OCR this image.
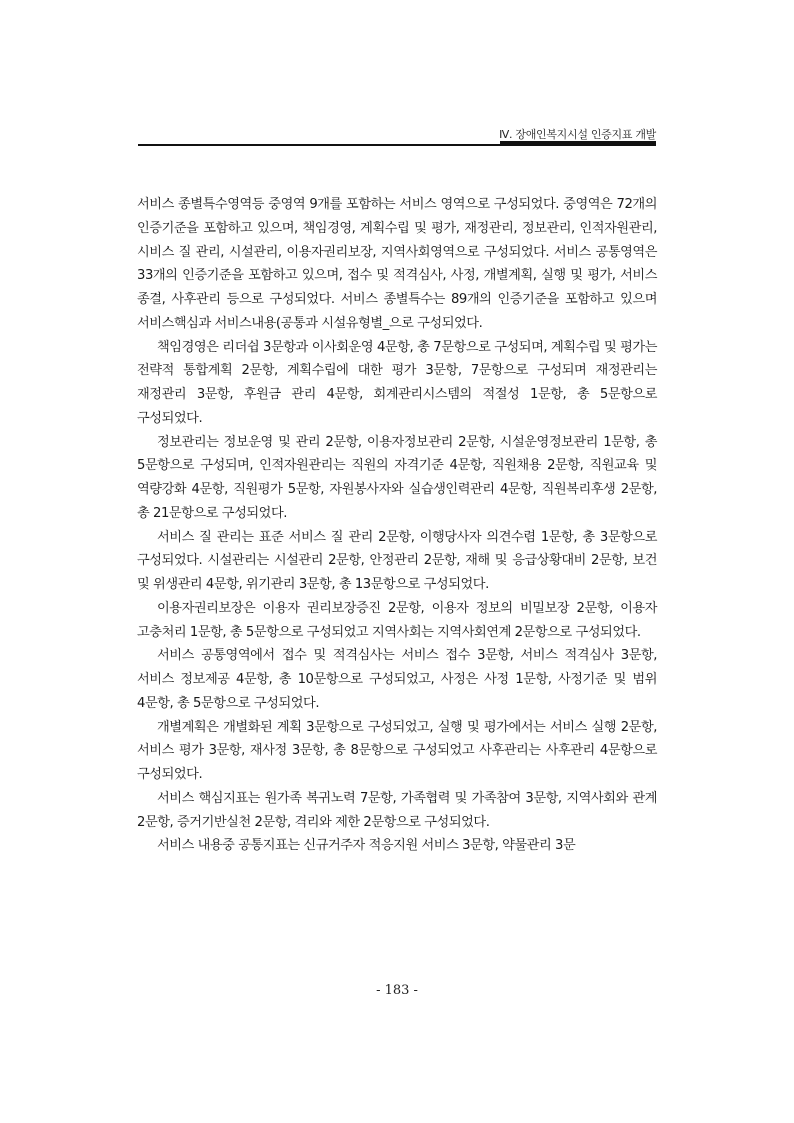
Ⅳ. 장애인복지시설 인증지표 개발

서비스 종별특수영역등 중영역 9개를 포함하는 서비스 영역으로 구성되었다. 중영역은 72개의 인증기준을 포함하고 있으며, 책임경영, 계획수립 및 평가, 재정관리, 정보관리, 인적자원관리, 시비스 질 관리, 시설관리, 이용자권리보장, 지역사회영역으로 구성되었다. 서비스 공통영역은 33개의 인증기준을 포함하고 있으며, 접수 및 적격심사, 사정, 개별계획, 실행 및 평가, 서비스 종결, 사후관리 등으로 구성되었다. 서비스 종별특수는 89개의 인증기준을 포함하고 있으며 서비스핵심과 서비스내용(공통과 시설유형별_으로 구성되었다.

책임경영은 리더쉽 3문항과 이사회운영 4문항, 총 7문항으로 구성되며, 계획수립 및 평가는 전략적 통합계획 2문항, 계획수립에 대한 평가 3문항, 7문항으로 구성되며 재정관리는 재정관리 3문항, 후원금 관리 4문항, 회계관리시스템의 적절성 1문항, 총 5문항으로 구성되었다.

정보관리는 정보운영 및 관리 2문항, 이용자정보관리 2문항, 시설운영정보관리 1문항, 총 5문항으로 구성되며, 인적자원관리는 직원의 자격기준 4문항, 직원채용 2문항, 직원교육 및 역량강화 4문항, 직원평가 5문항, 자원봉사자와 실습생인력관리 4문항, 직원복리후생 2문항, 총 21문항으로 구성되었다.

서비스 질 관리는 표준 서비스 질 관리 2문항, 이행당사자 의견수렴 1문항, 총 3문항으로 구성되었다. 시설관리는 시설관리 2문항, 안정관리 2문항, 재해 및 응급상황대비 2문항, 보건 및 위생관리 4문항, 위기관리 3문항, 총 13문항으로 구성되었다.

이용자권리보장은 이용자 권리보장증진 2문항, 이용자 정보의 비밀보장 2문항, 이용자 고충처리 1문항, 총 5문항으로 구성되었고 지역사회는 지역사회연계 2문항으로 구성되었다.

서비스 공통영역에서 접수 및 적격심사는 서비스 접수 3문항, 서비스 적격심사 3문항, 서비스 정보제공 4문항, 총 10문항으로 구성되었고, 사정은 사정 1문항, 사정기준 및 범위 4문항, 총 5문항으로 구성되었다.

개별계획은 개별화된 계획 3문항으로 구성되었고, 실행 및 평가에서는 서비스 실행 2문항, 서비스 평가 3문항, 재사정 3문항, 총 8문항으로 구성되었고 사후관리는 사후관리 4문항으로 구성되었다.

서비스 핵심지표는 원가족 복귀노력 7문항, 가족협력 및 가족참여 3문항, 지역사회와 관계 2문항, 증거기반실천 2문항, 격리와 제한 2문항으로 구성되었다.

서비스 내용중 공통지표는 신규거주자 적응지원 서비스 3문항, 약물관리 3문

- 183 -
